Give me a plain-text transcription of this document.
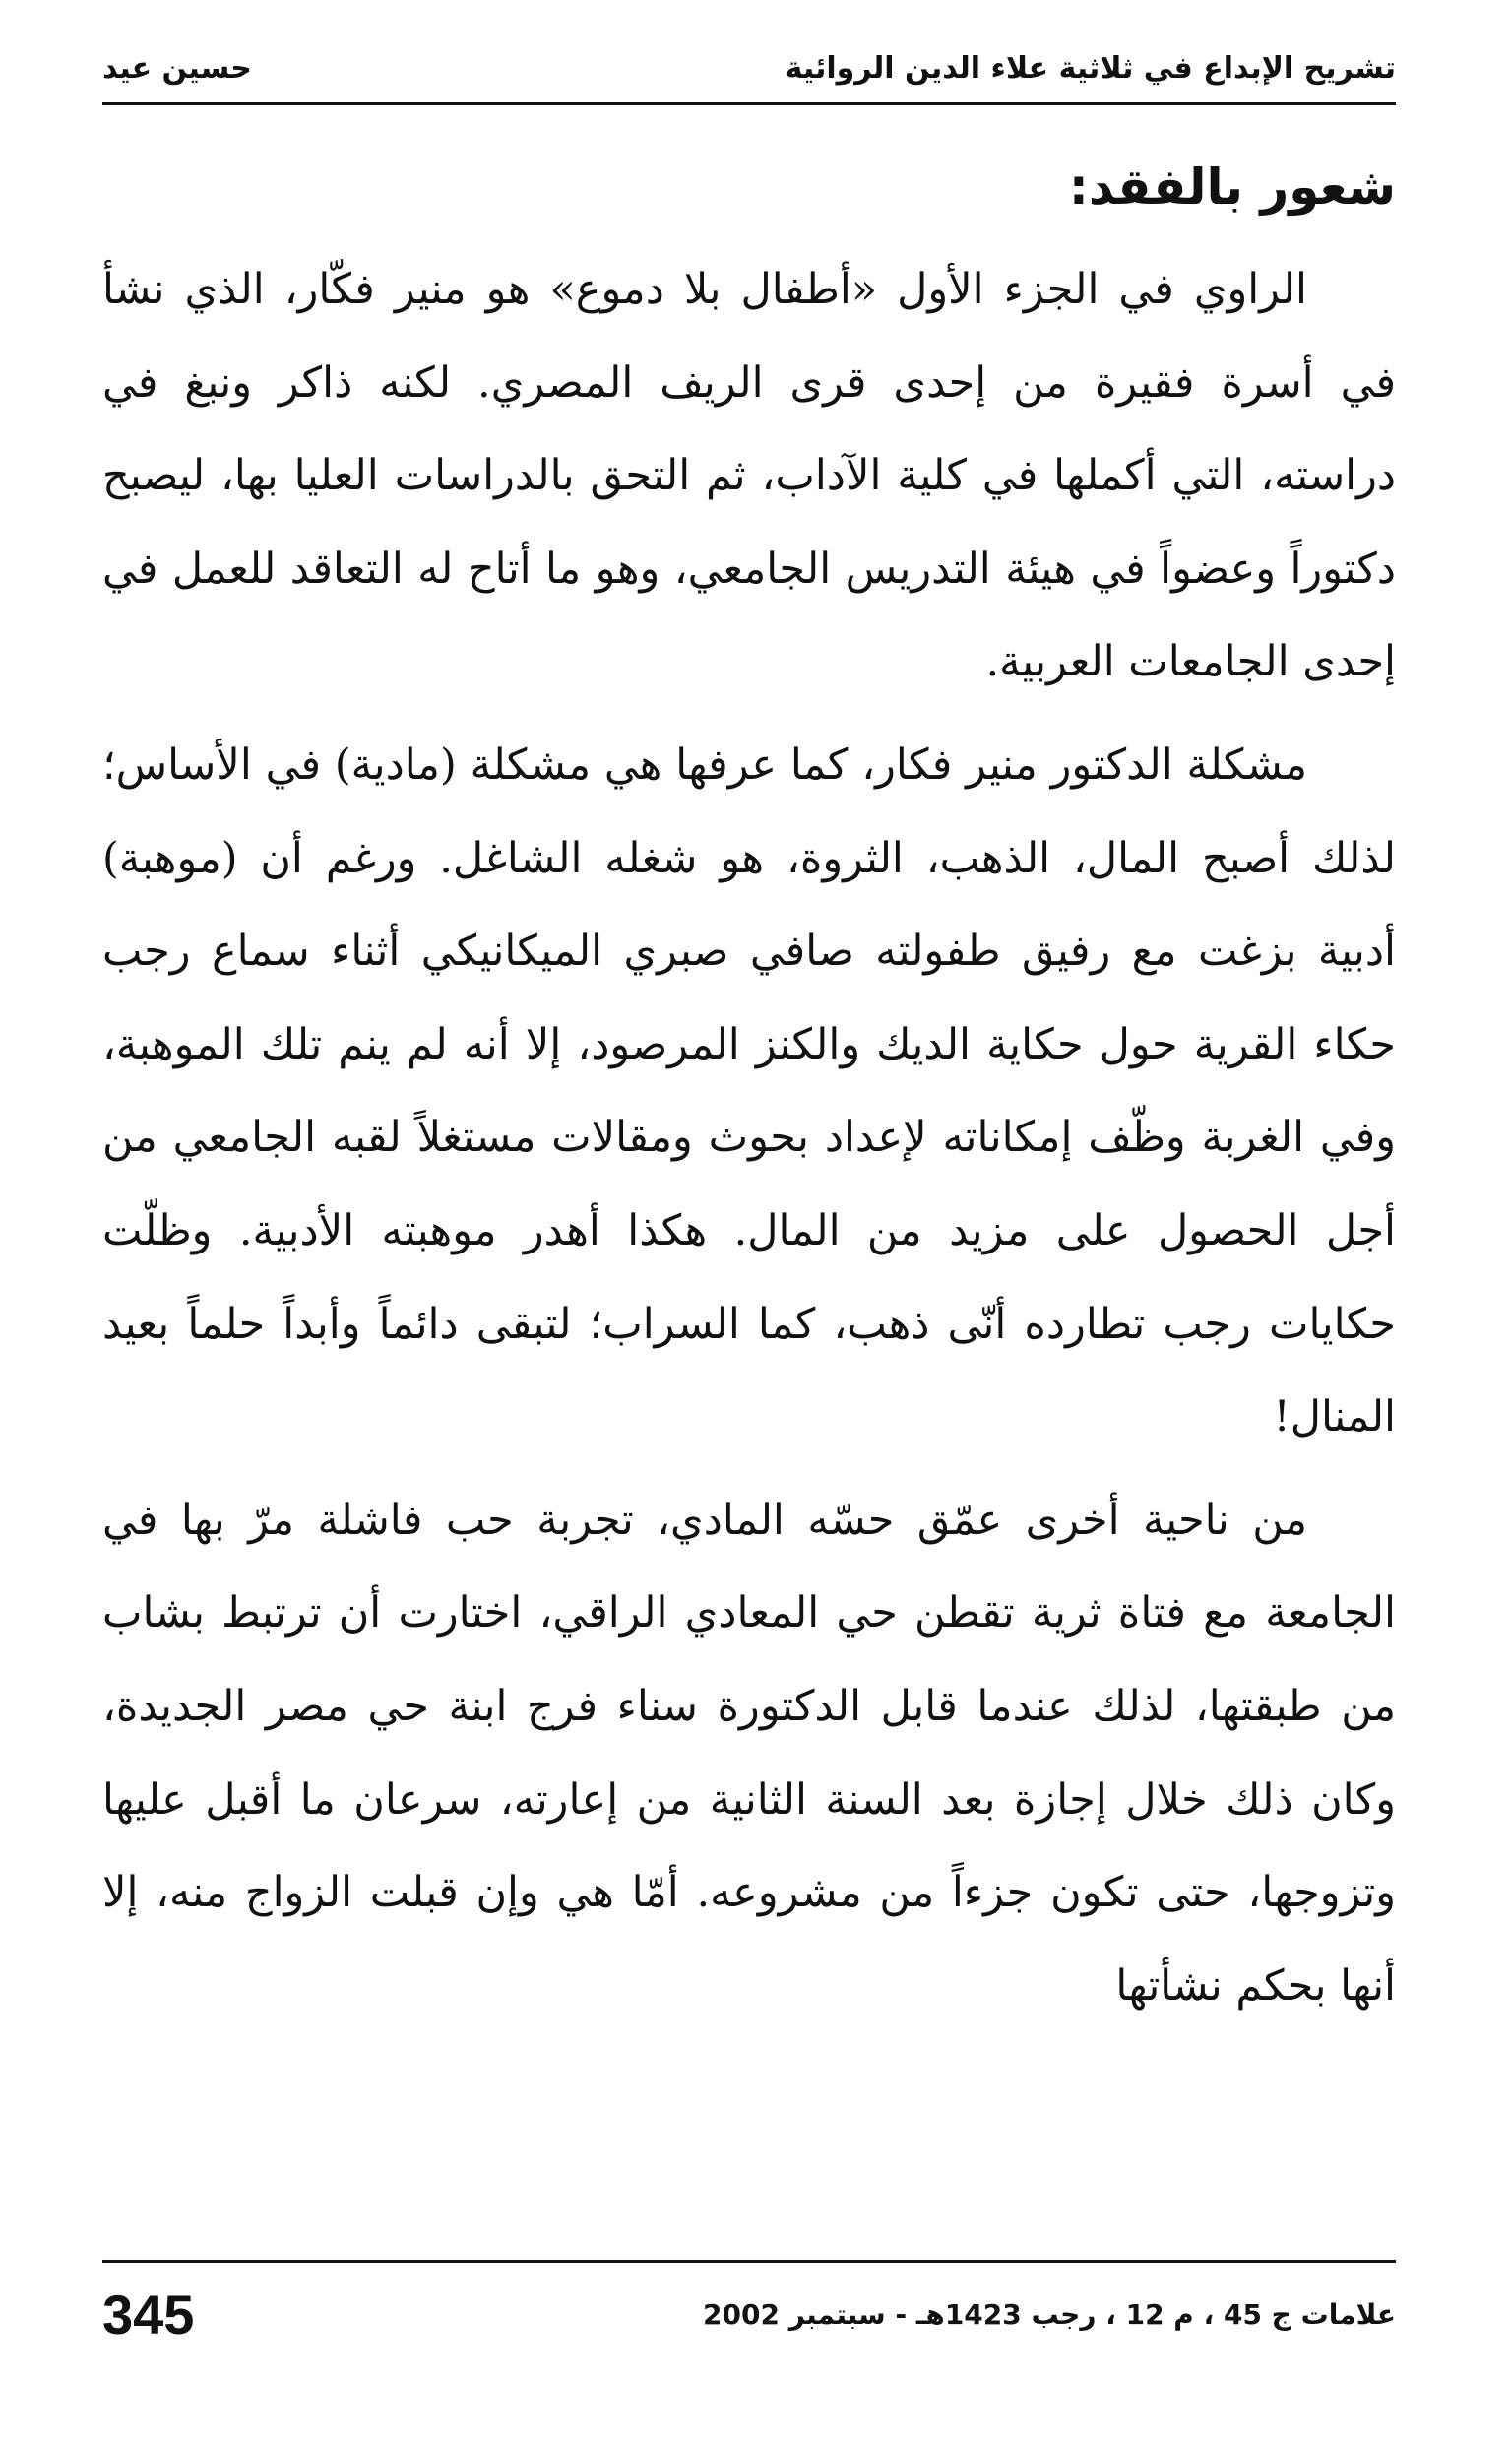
تشريح الإبداع في ثلاثية علاء الدين الروائية
حسين عيد
شعور بالفقد:

الراوي في الجزء الأول «أطفال بلا دموع» هو منير فكّار، الذي نشأ في أسرة فقيرة من إحدى قرى الريف المصري. لكنه ذاكر ونبغ في دراسته، التي أكملها في كلية الآداب، ثم التحق بالدراسات العليا بها، ليصبح دكتوراً وعضواً في هيئة التدريس الجامعي، وهو ما أتاح له التعاقد للعمل في إحدى الجامعات العربية.

مشكلة الدكتور منير فكار، كما عرفها هي مشكلة (مادية) في الأساس؛ لذلك أصبح المال، الذهب، الثروة، هو شغله الشاغل. ورغم أن (موهبة) أدبية بزغت مع رفيق طفولته صافي صبري الميكانيكي أثناء سماع رجب حكاء القرية حول حكاية الديك والكنز المرصود، إلا أنه لم ينم تلك الموهبة، وفي الغربة وظّف إمكاناته لإعداد بحوث ومقالات مستغلاً لقبه الجامعي من أجل الحصول على مزيد من المال. هكذا أهدر موهبته الأدبية. وظلّت حكايات رجب تطارده أنّى ذهب، كما السراب؛ لتبقى دائماً وأبداً حلماً بعيد المنال!

من ناحية أخرى عمّق حسّه المادي، تجربة حب فاشلة مرّ بها في الجامعة مع فتاة ثرية تقطن حي المعادي الراقي، اختارت أن ترتبط بشاب من طبقتها، لذلك عندما قابل الدكتورة سناء فرج ابنة حي مصر الجديدة، وكان ذلك خلال إجازة بعد السنة الثانية من إعارته، سرعان ما أقبل عليها وتزوجها، حتى تكون جزءاً من مشروعه. أمّا هي وإن قبلت الزواج منه، إلا أنها بحكم نشأتها

علامات ج 45 ، م 12 ، رجب 1423هـ - سبتمبر 2002
345
